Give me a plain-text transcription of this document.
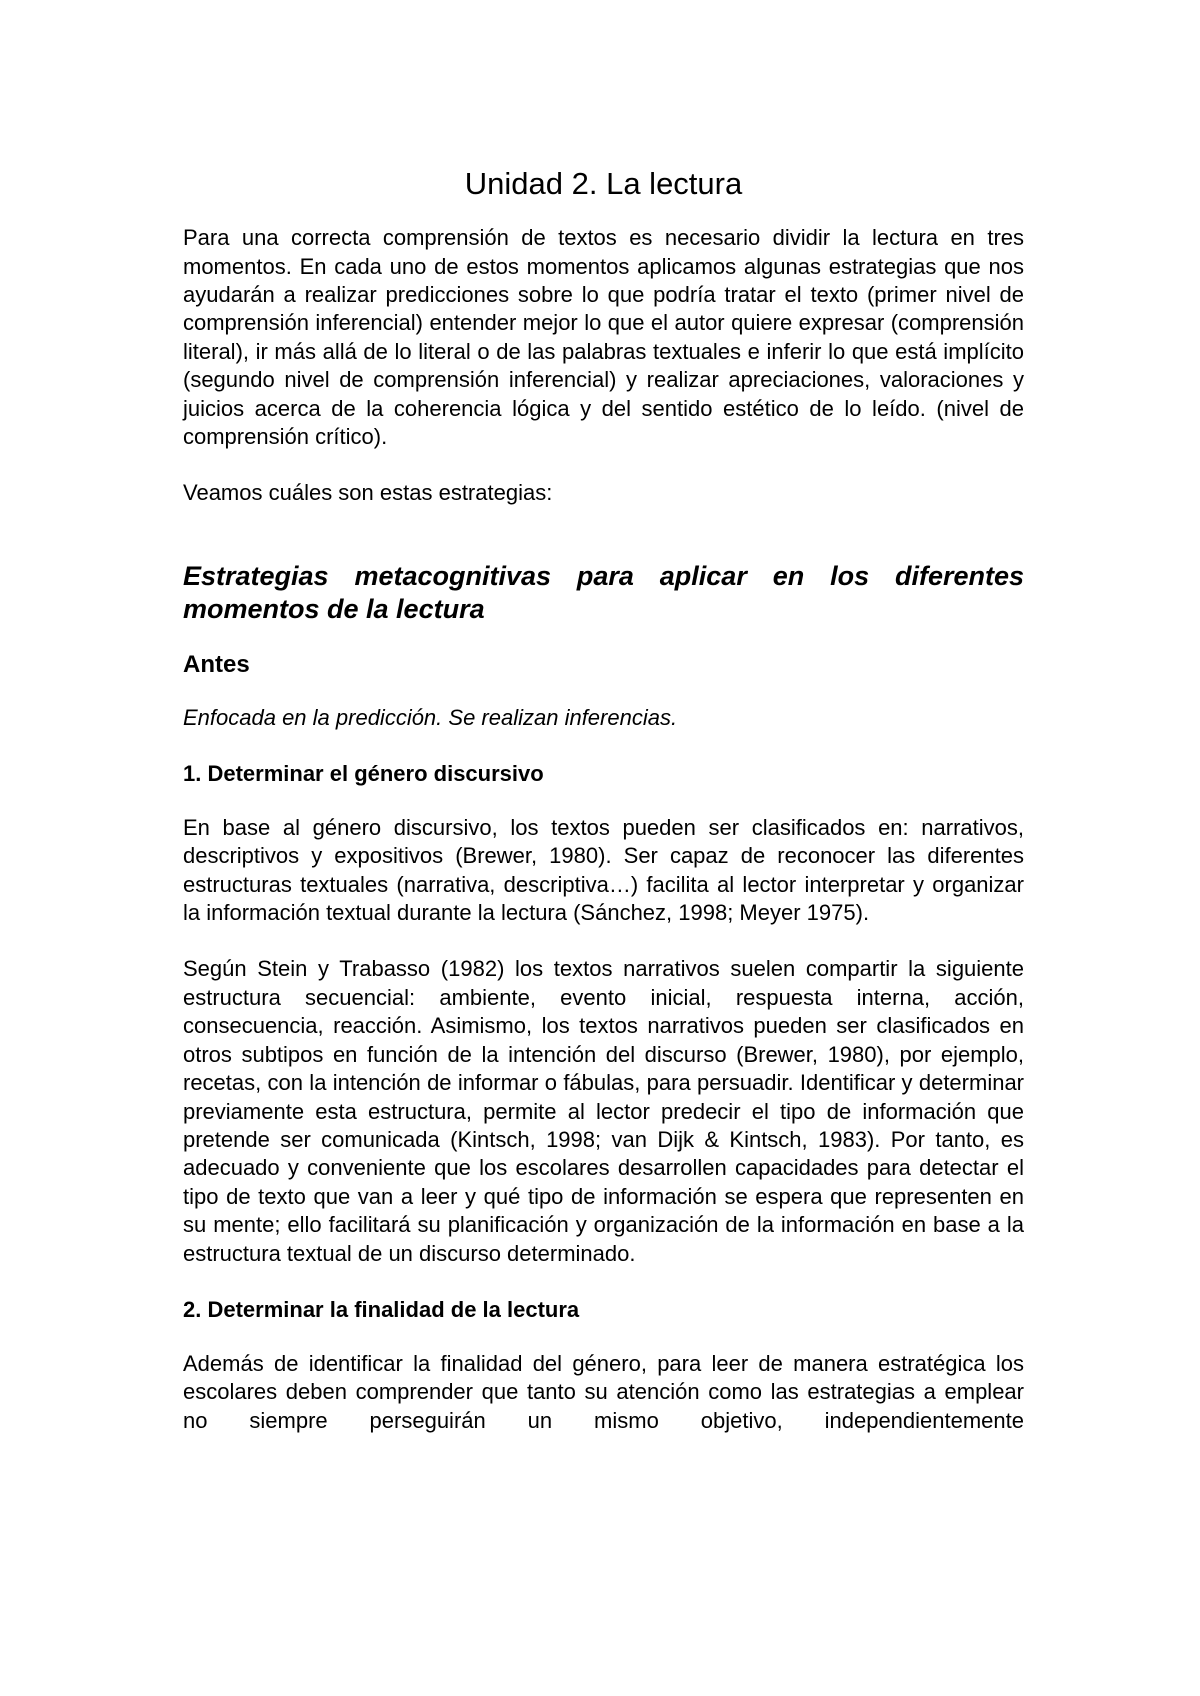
Unidad 2. La lectura

Para una correcta comprensión de textos es necesario dividir la lectura en tres momentos. En cada uno de estos momentos aplicamos algunas estrategias que nos ayudarán a realizar predicciones sobre lo que podría tratar el texto (primer nivel de comprensión inferencial) entender mejor lo que el autor quiere expresar (comprensión literal), ir más allá de lo literal o de las palabras textuales e inferir lo que está implícito (segundo nivel de comprensión inferencial) y realizar apreciaciones, valoraciones y juicios acerca de la coherencia lógica y del sentido estético de lo leído. (nivel de comprensión crítico).

Veamos cuáles son estas estrategias:

Estrategias metacognitivas para aplicar en los diferentes momentos de la lectura
Antes

Enfocada en la predicción. Se realizan inferencias.

1. Determinar el género discursivo

En base al género discursivo, los textos pueden ser clasificados en: narrativos, descriptivos y expositivos (Brewer, 1980). Ser capaz de reconocer las diferentes estructuras textuales (narrativa, descriptiva…) facilita al lector interpretar y organizar la información textual durante la lectura (Sánchez, 1998; Meyer 1975).

Según Stein y Trabasso (1982) los textos narrativos suelen compartir la siguiente estructura secuencial: ambiente, evento inicial, respuesta interna, acción, consecuencia, reacción. Asimismo, los textos narrativos pueden ser clasificados en otros subtipos en función de la intención del discurso (Brewer, 1980), por ejemplo, recetas, con la intención de informar o fábulas, para persuadir. Identificar y determinar previamente esta estructura, permite al lector predecir el tipo de información que pretende ser comunicada (Kintsch, 1998; van Dijk & Kintsch, 1983). Por tanto, es adecuado y conveniente que los escolares desarrollen capacidades para detectar el tipo de texto que van a leer y qué tipo de información se espera que representen en su mente; ello facilitará su planificación y organización de la información en base a la estructura textual de un discurso determinado.

2. Determinar la finalidad de la lectura

Además de identificar la finalidad del género, para leer de manera estratégica los escolares deben comprender que tanto su atención como las estrategias a emplear no siempre perseguirán un mismo objetivo, independientemente
